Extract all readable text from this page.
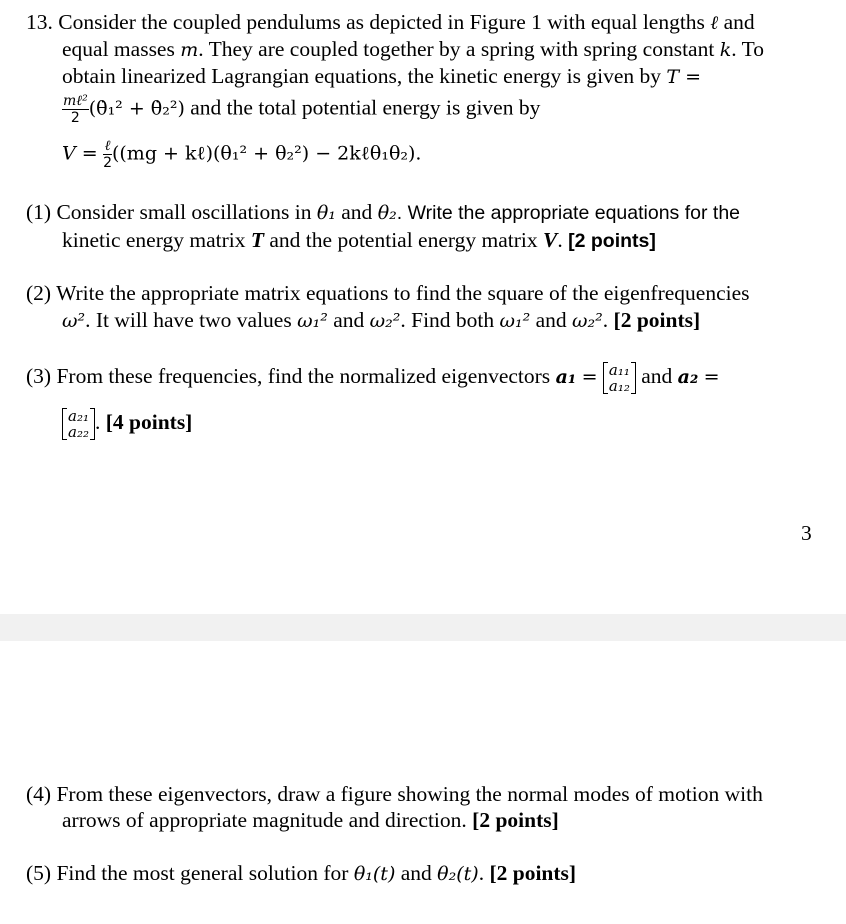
13. Consider the coupled pendulums as depicted in Figure 1 with equal lengths ℓ and
equal masses m. They are coupled together by a spring with spring constant k. To
obtain linearized Lagrangian equations, the kinetic energy is given by T =
$\frac{\text{mℓ²}}{2}$ (θ̇₁² + θ̇₂²) and the total potential energy is given by
$V = \frac{\text{ℓ}}{2} ((mg$ + kℓ)(θ₁² + θ₂²) − 2kℓθ₁θ₂).
(1) Consider small oscillations in θ₁ and θ₂. Write the appropriate equations for the
kinetic energy matrix T and the potential energy matrix V. [2 points]
(2) Write the appropriate matrix equations to find the square of the eigenfrequencies
ω². It will have two values ω₁² and ω₂². Find both ω₁² and ω₂². [2 points]
(3) From these frequencies, find the normalized eigenvectors a₁ = a₁₁
a₁₂ and a₂ =
a₂₁
a₂₂ . [4 points]
3
(4) From these eigenvectors, draw a figure showing the normal modes of motion with
arrows of appropriate magnitude and direction. [2 points]
(5) Find the most general solution for θ₁(t) and θ₂(t). [2 points]
